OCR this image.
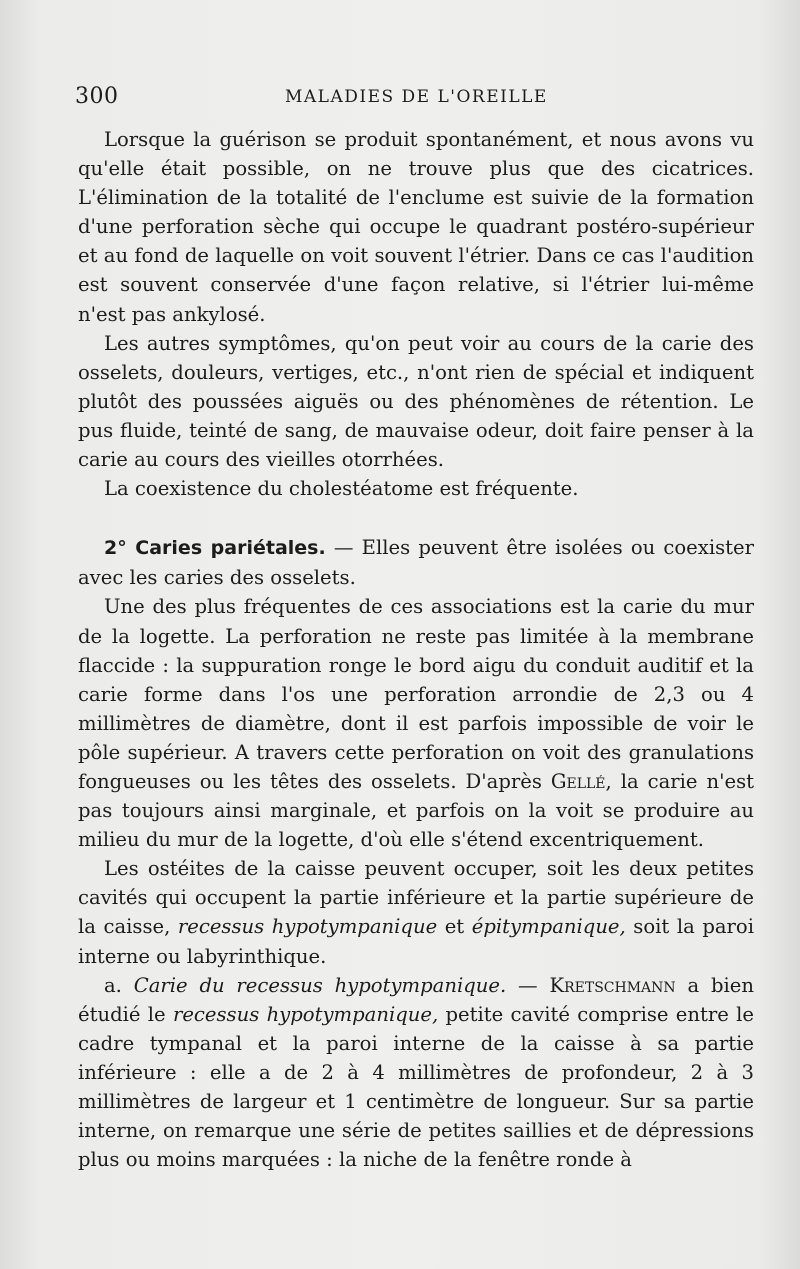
300	MALADIES DE L'OREILLE

Lorsque la guérison se produit spontanément, et nous avons vu qu'elle était possible, on ne trouve plus que des cicatrices. L'élimination de la totalité de l'enclume est suivie de la formation d'une perforation sèche qui occupe le quadrant postéro-supérieur et au fond de laquelle on voit souvent l'étrier. Dans ce cas l'audition est souvent conservée d'une façon relative, si l'étrier lui-même n'est pas ankylosé.

Les autres symptômes, qu'on peut voir au cours de la carie des osselets, douleurs, vertiges, etc., n'ont rien de spécial et indiquent plutôt des poussées aiguës ou des phénomènes de rétention. Le pus fluide, teinté de sang, de mauvaise odeur, doit faire penser à la carie au cours des vieilles otorrhées.

La coexistence du cholestéatome est fréquente.

2° Caries pariétales. — Elles peuvent être isolées ou coexister avec les caries des osselets.

Une des plus fréquentes de ces associations est la carie du mur de la logette. La perforation ne reste pas limitée à la membrane flaccide : la suppuration ronge le bord aigu du conduit auditif et la carie forme dans l'os une perforation arrondie de 2,3 ou 4 millimètres de diamètre, dont il est parfois impossible de voir le pôle supérieur. A travers cette perforation on voit des granulations fongueuses ou les têtes des osselets. D'après Gellé, la carie n'est pas toujours ainsi marginale, et parfois on la voit se produire au milieu du mur de la logette, d'où elle s'étend excentriquement.

Les ostéites de la caisse peuvent occuper, soit les deux petites cavités qui occupent la partie inférieure et la partie supérieure de la caisse, recessus hypotympanique et épitympanique, soit la paroi interne ou labyrinthique.

a. Carie du recessus hypotympanique. — Kretschmann a bien étudié le recessus hypotympanique, petite cavité comprise entre le cadre tympanal et la paroi interne de la caisse à sa partie inférieure : elle a de 2 à 4 millimètres de profondeur, 2 à 3 millimètres de largeur et 1 centimètre de longueur. Sur sa partie interne, on remarque une série de petites saillies et de dépressions plus ou moins marquées : la niche de la fenêtre ronde à
